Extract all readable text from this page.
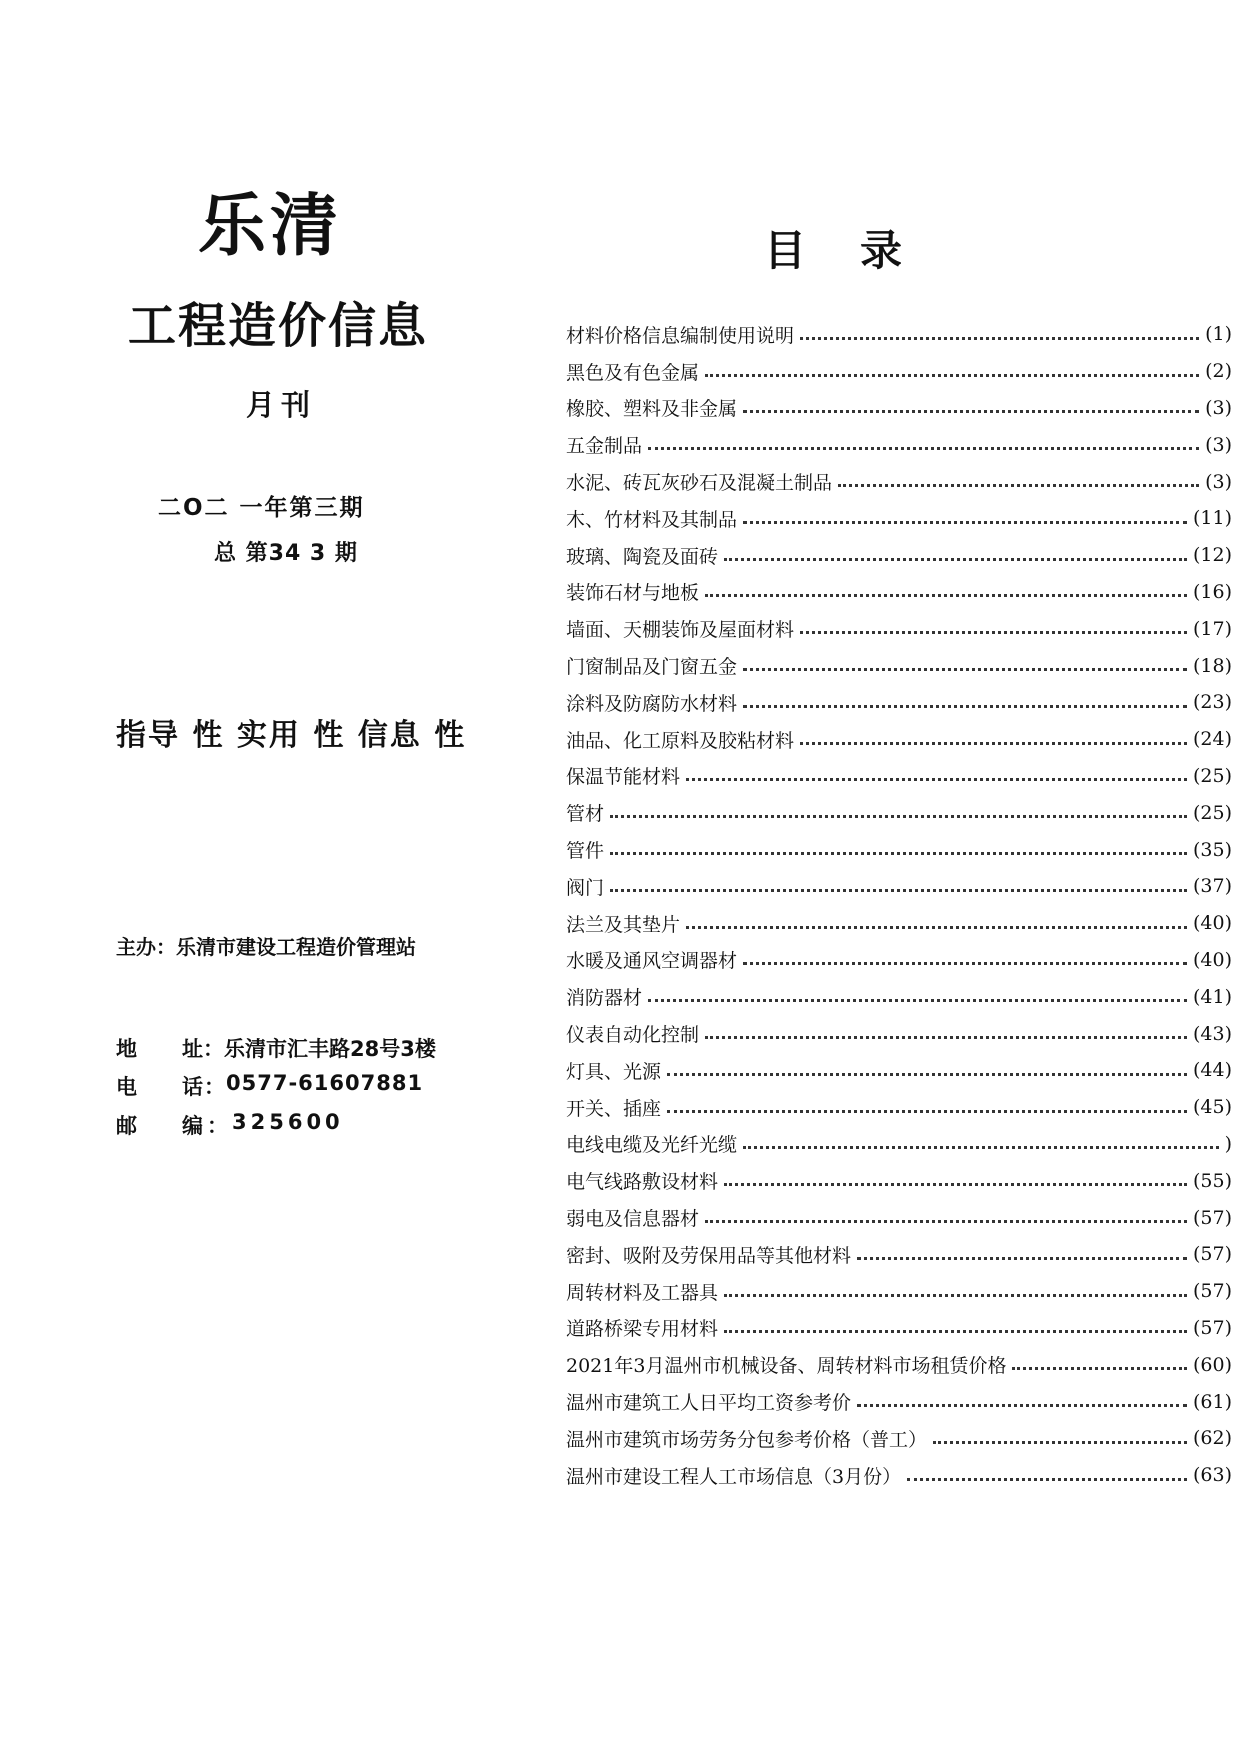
乐清
工程造价信息
月刊
二O二 一年第三期
总 第34 3 期
指导 性 实用 性 信息 性
主办：乐清市建设工程造价管理站
地	址： 乐清市汇丰路28号3楼
电	话： 0577-61607881
邮	编： 325600
目录
材料价格信息编制使用说明	(1)
黑色及有色金属	(2)
橡胶、塑料及非金属	(3)
五金制品	(3)
水泥、砖瓦灰砂石及混凝土制品	(3)
木、竹材料及其制品	(11)
玻璃、陶瓷及面砖	(12)
装饰石材与地板	(16)
墙面、天棚装饰及屋面材料	(17)
门窗制品及门窗五金	(18)
涂料及防腐防水材料	(23)
油品、化工原料及胶粘材料	(24)
保温节能材料	(25)
管材	(25)
管件	(35)
阀门	(37)
法兰及其垫片	(40)
水暖及通风空调器材	(40)
消防器材	(41)
仪表自动化控制	(43)
灯具、光源	(44)
开关、插座	(45)
电线电缆及光纤光缆	)
电气线路敷设材料	(55)
弱电及信息器材	(57)
密封、吸附及劳保用品等其他材料	(57)
周转材料及工器具	(57)
道路桥梁专用材料	(57)
2021年3月温州市机械设备、周转材料市场租赁价格	(60)
温州市建筑工人日平均工资参考价	(61)
温州市建筑市场劳务分包参考价格（普工）	(62)
温州市建设工程人工市场信息（3月份）	(63)
